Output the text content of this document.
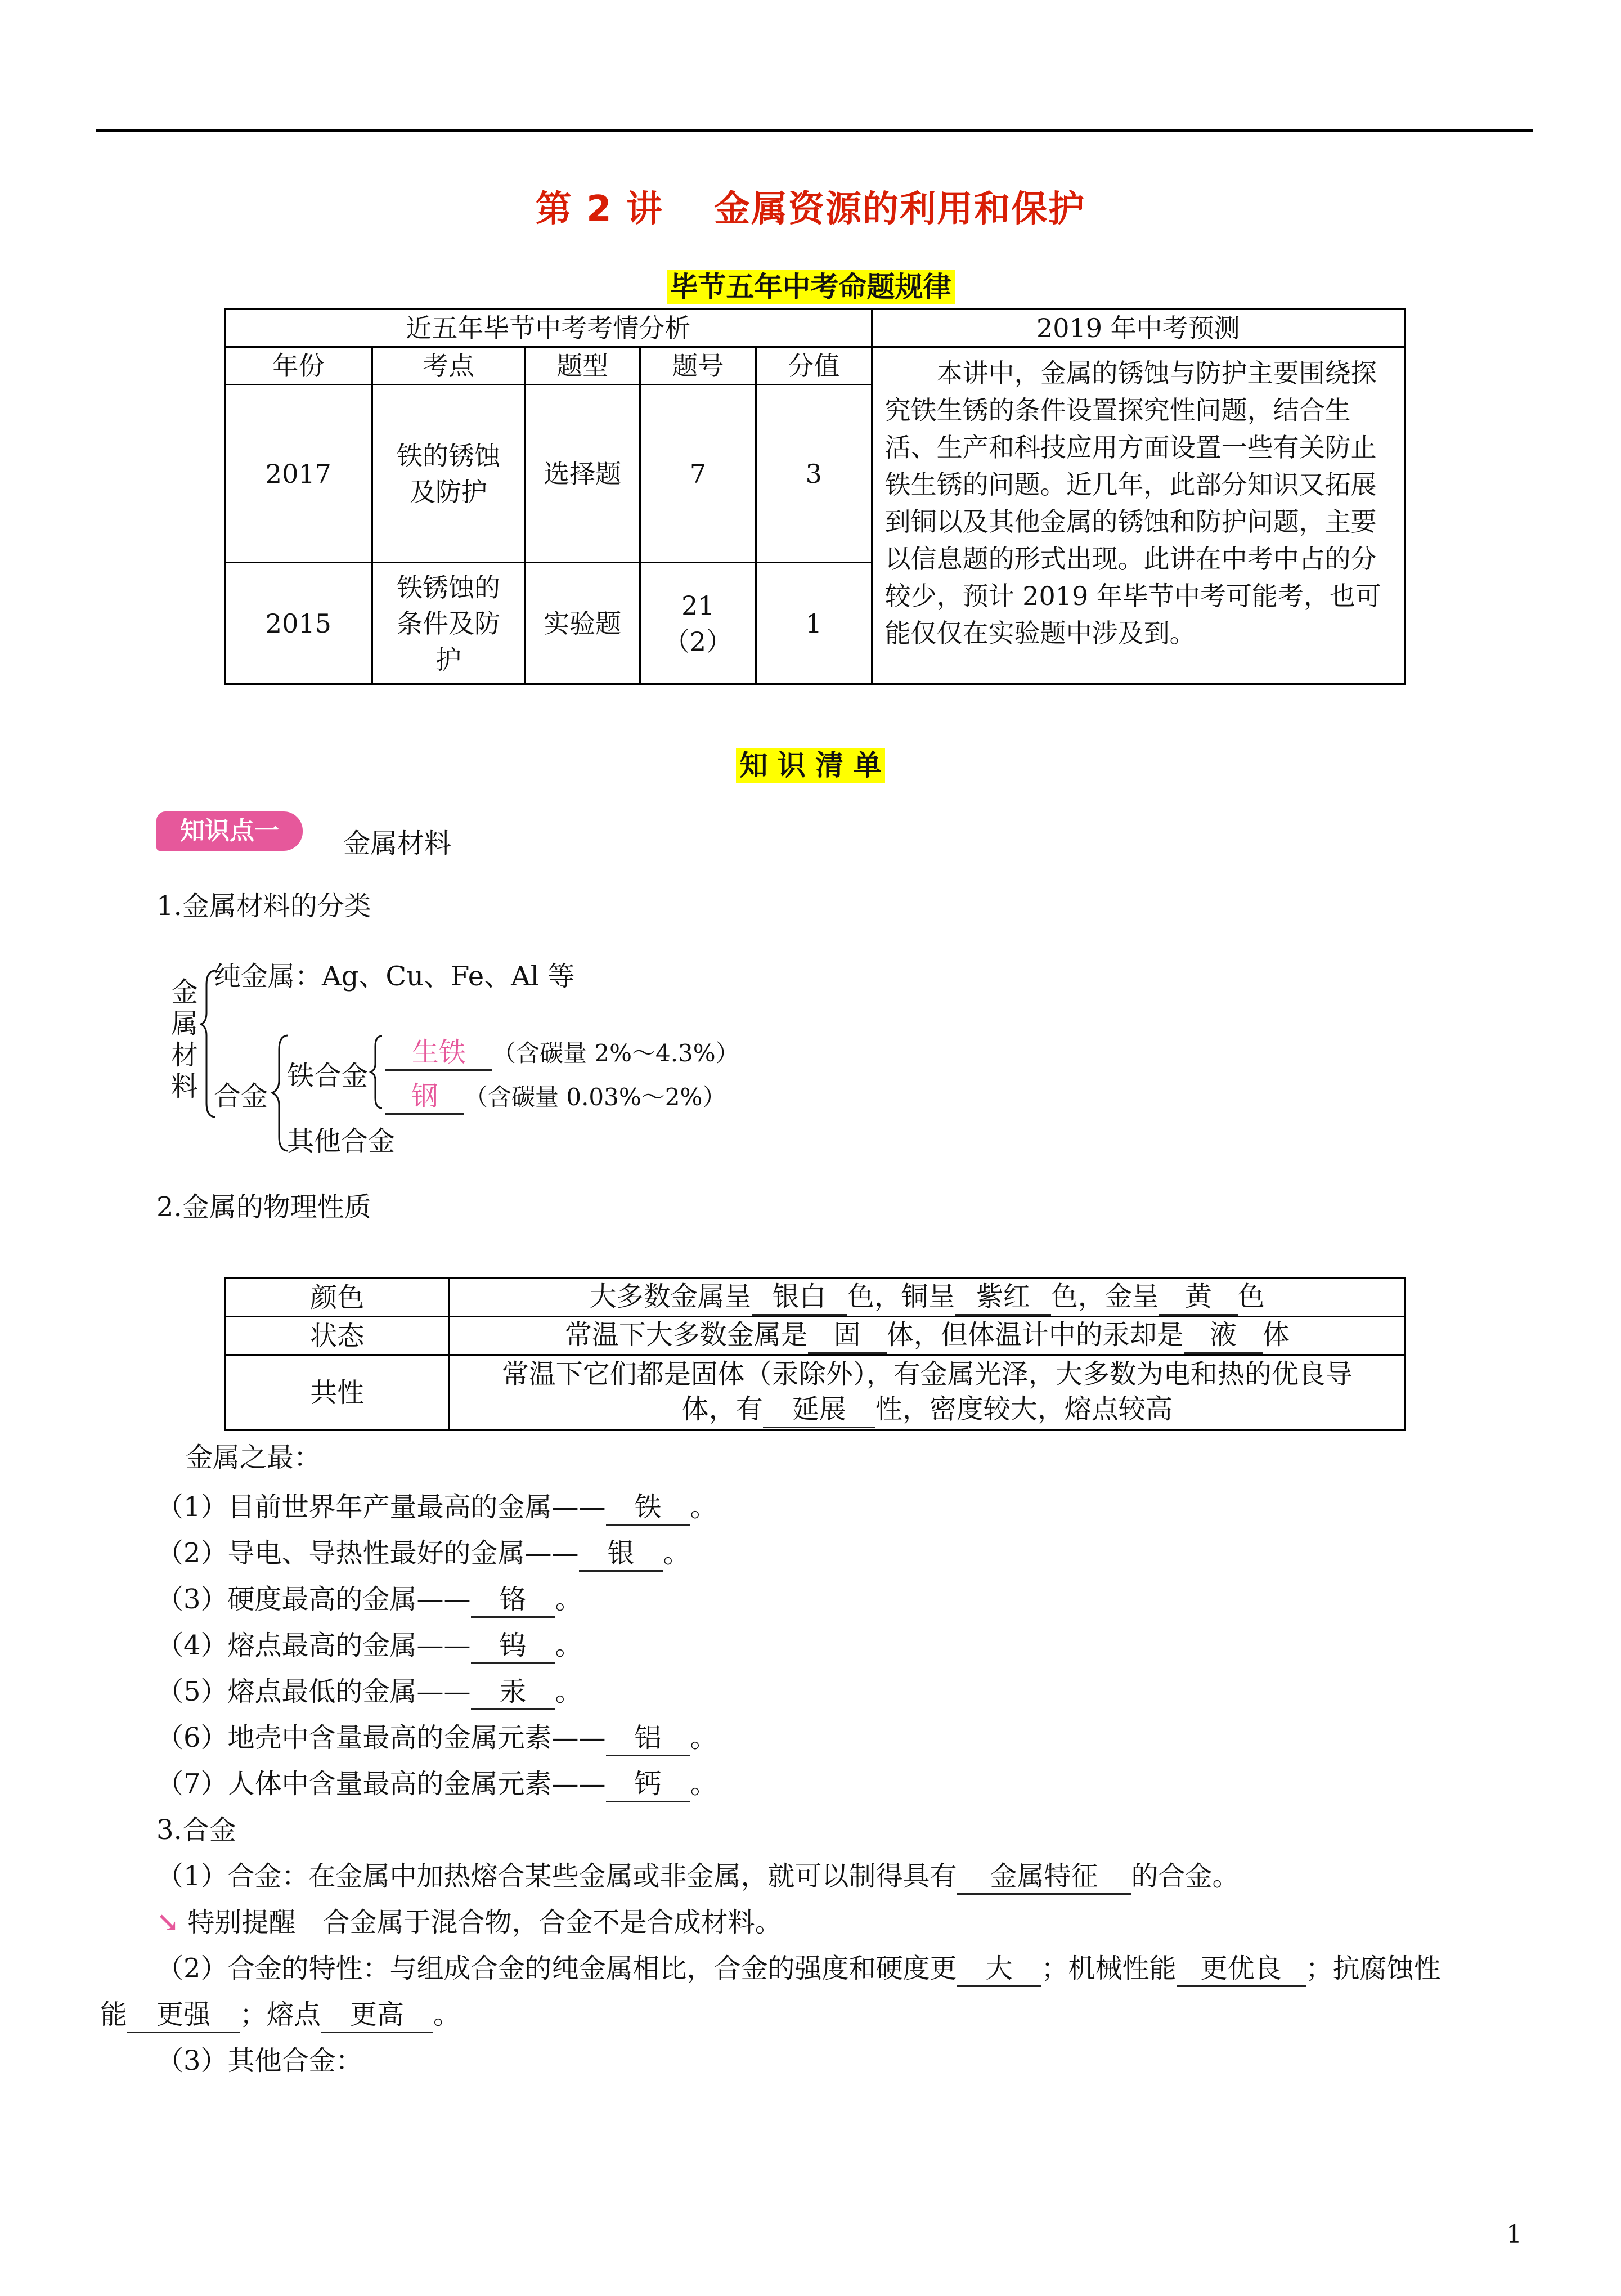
第 2 讲　 金属资源的利用和保护
毕节五年中考命题规律
近五年毕节中考考情分析					2019 年中考预测
年份	考点	题型	题号	分值	本讲中，金属的锈蚀与防护主要围绕探究铁生锈的条件设置探究性问题，结合生活、生产和科技应用方面设置一些有关防止铁生锈的问题。近几年，此部分知识又拓展到铜以及其他金属的锈蚀和防护问题，主要以信息题的形式出现。此讲在中考中占的分较少，预计 2019 年毕节中考可能考，也可能仅仅在实验题中涉及到。
2017	铁的锈蚀及防护	选择题	7	3	
2015	铁锈蚀的条件及防护	实验题	21（2）	1	
知 识 清 单
知识点一	金属材料
1.金属材料的分类
金属材料
纯金属：Ag、Cu、Fe、Al 等
合金
铁合金
生铁 （含碳量 2%～4.3%）
钢 （含碳量 0.03%～2%）
其他合金
2.金属的物理性质
颜色	大多数金属呈 银白 色，铜呈 紫红 色，金呈 黄 色
状态	常温下大多数金属是 固 体，但体温计中的汞却是 液 体
共性	常温下它们都是固体（汞除外），有金属光泽，大多数为电和热的优良导
体，有 延展 性，密度较大，熔点较高
金属之最：
（1）目前世界年产量最高的金属—— 铁 。
（2）导电、导热性最好的金属—— 银 。
（3）硬度最高的金属—— 铬 。
（4）熔点最高的金属—— 钨 。
（5）熔点最低的金属—— 汞 。
（6）地壳中含量最高的金属元素—— 铝 。
（7）人体中含量最高的金属元素—— 钙 。
3.合金
（1）合金：在金属中加热熔合某些金属或非金属，就可以制得具有 金属特征 的合金。
↘ 特别提醒　 合金属于混合物，合金不是合成材料。
（2）合金的特性：与组成合金的纯金属相比，合金的强度和硬度更 大 ；机械性能 更优良 ；抗腐蚀性
能 更强 ；熔点 更高 。
（3）其他合金：
1
